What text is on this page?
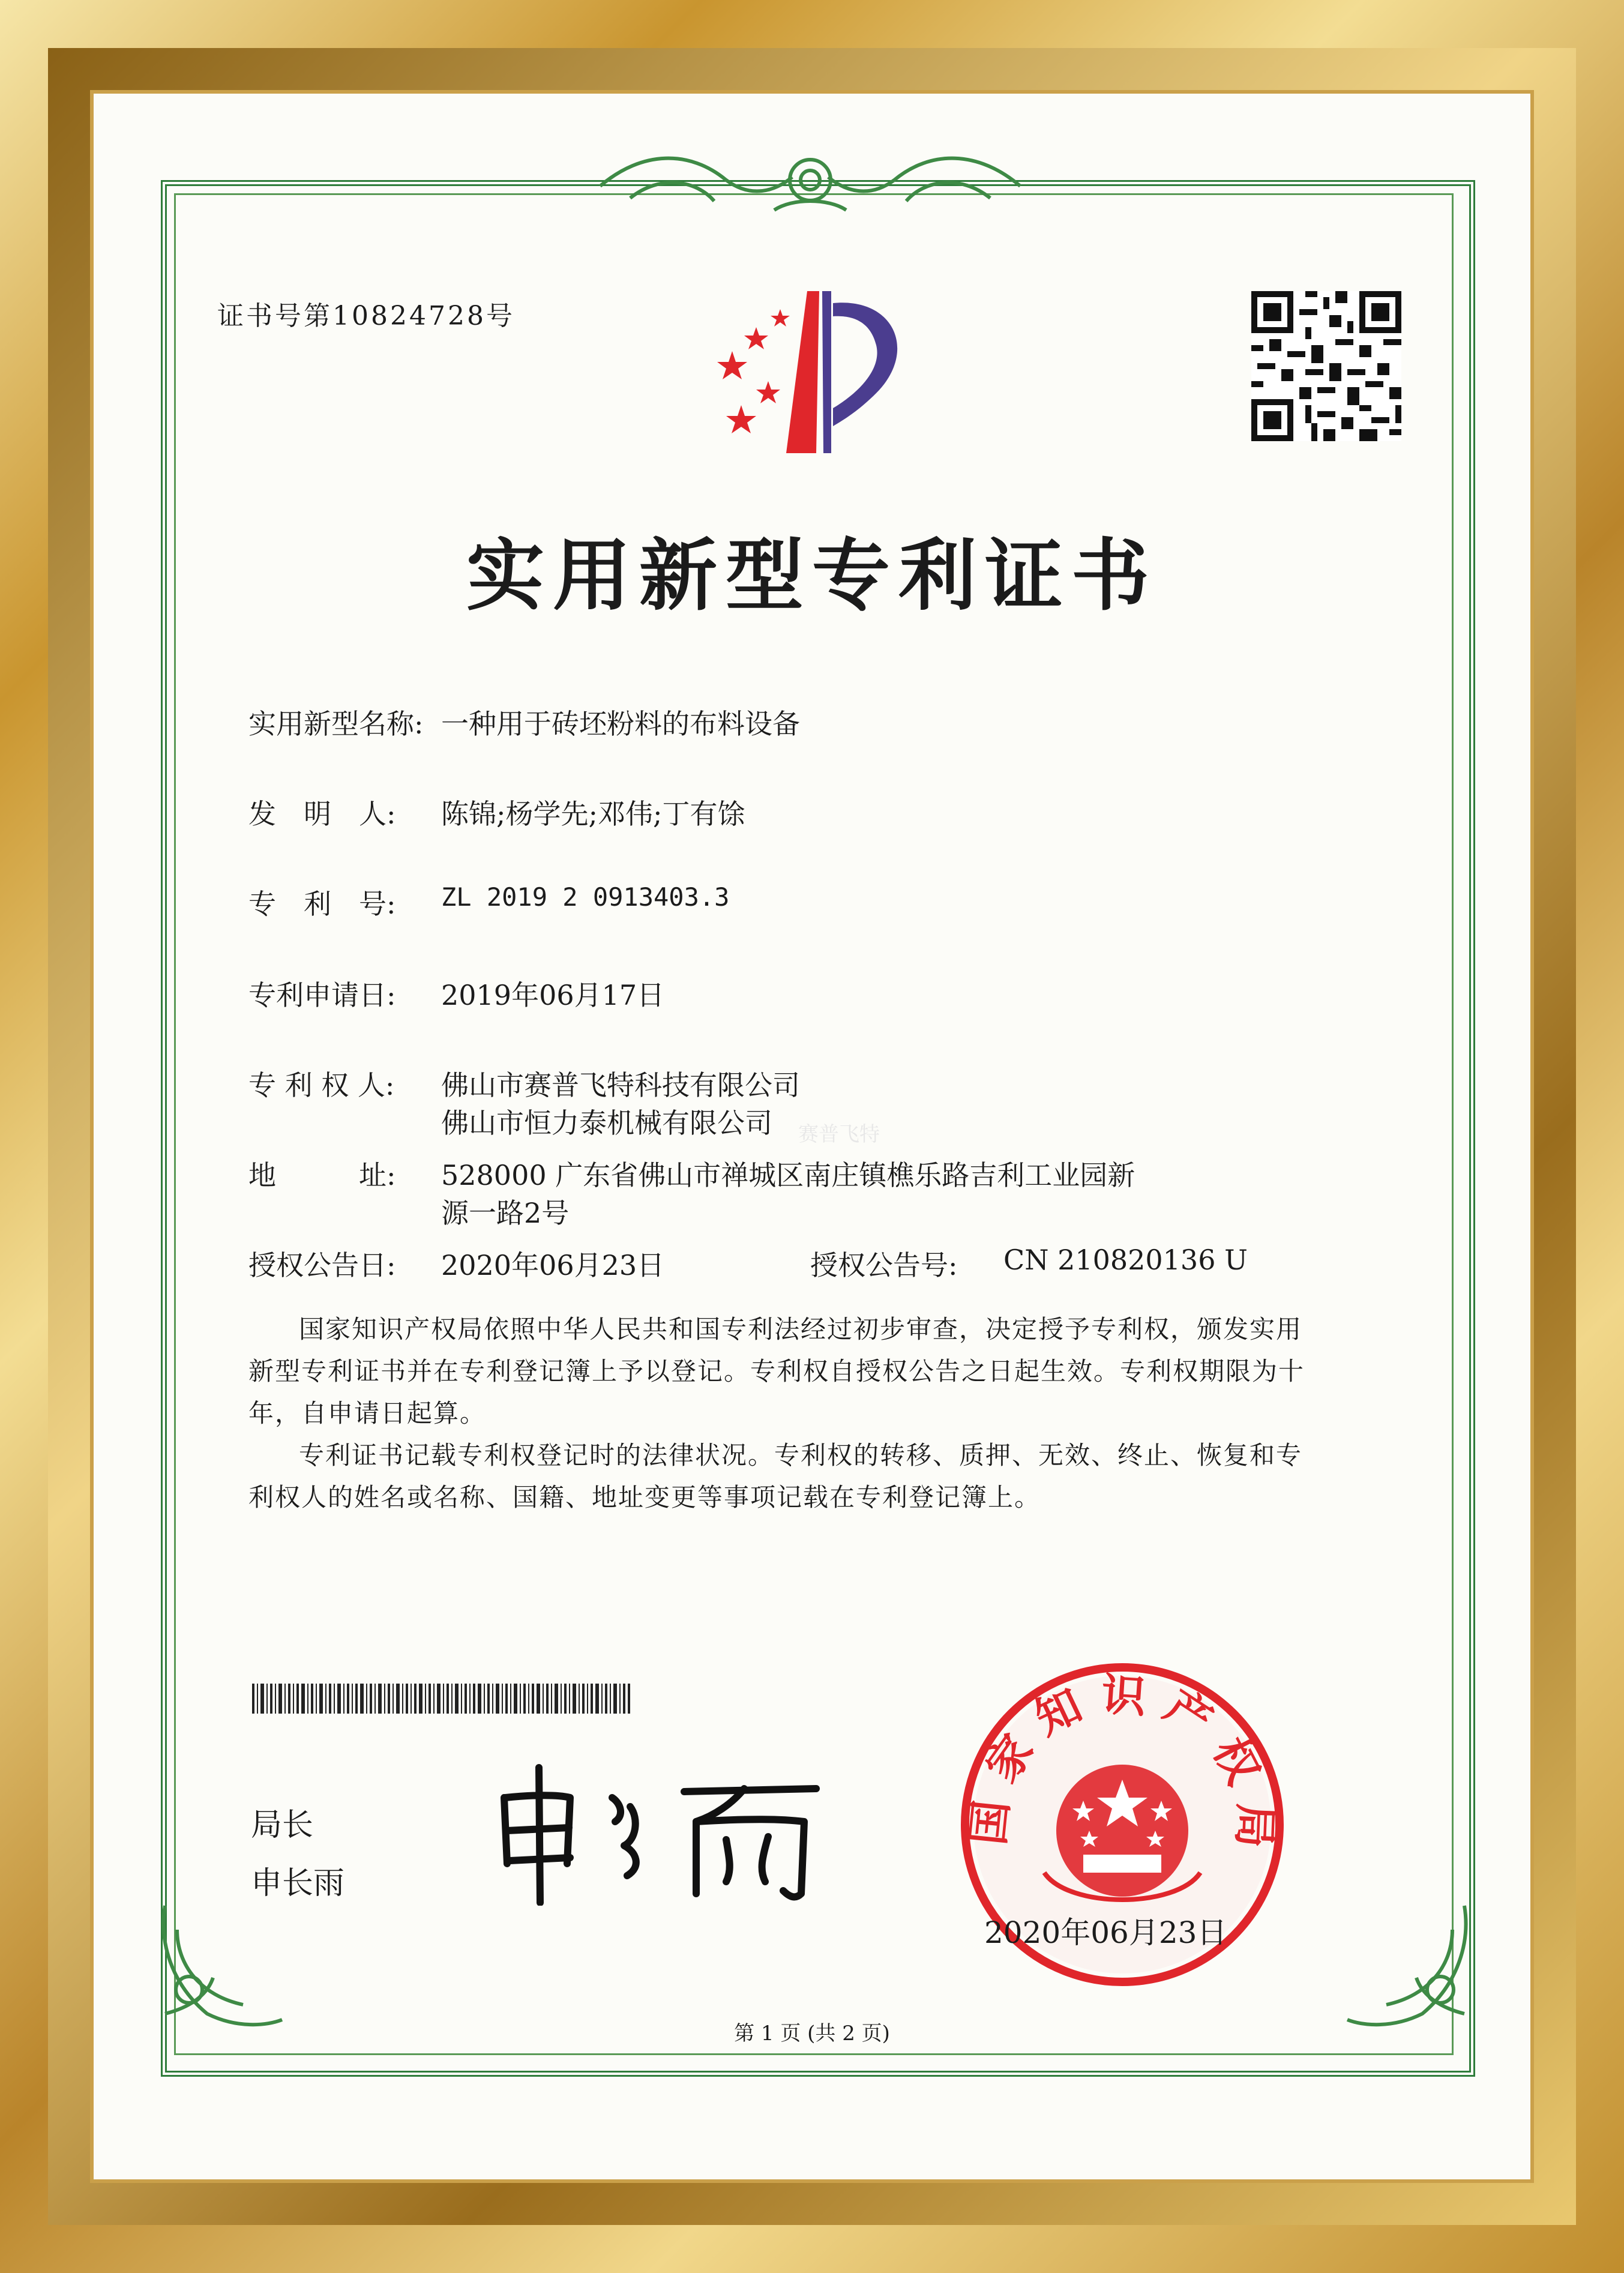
证书号第10824728号
实用新型专利证书
实用新型名称: 一种用于砖坯粉料的布料设备
发　明　人: 陈锦;杨学先;邓伟;丁有馀
专　利　号: ZL 2019 2 0913403.3
专利申请日: 2019年06月17日
专 利 权 人: 佛山市赛普飞特科技有限公司
佛山市恒力泰机械有限公司 赛普飞特
地　　　址: 528000 广东省佛山市禅城区南庄镇樵乐路吉利工业园新
源一路2号
授权公告日: 2020年06月23日	授权公告号: CN 210820136 U
国家知识产权局依照中华人民共和国专利法经过初步审查，决定授予专利权，颁发实用
新型专利证书并在专利登记簿上予以登记。专利权自授权公告之日起生效。专利权期限为十
年，自申请日起算。
专利证书记载专利权登记时的法律状况。专利权的转移、质押、无效、终止、恢复和专
利权人的姓名或名称、国籍、地址变更等事项记载在专利登记簿上。
局长
申长雨
国家知识产权局
2020年06月23日
第 1 页 (共 2 页)
